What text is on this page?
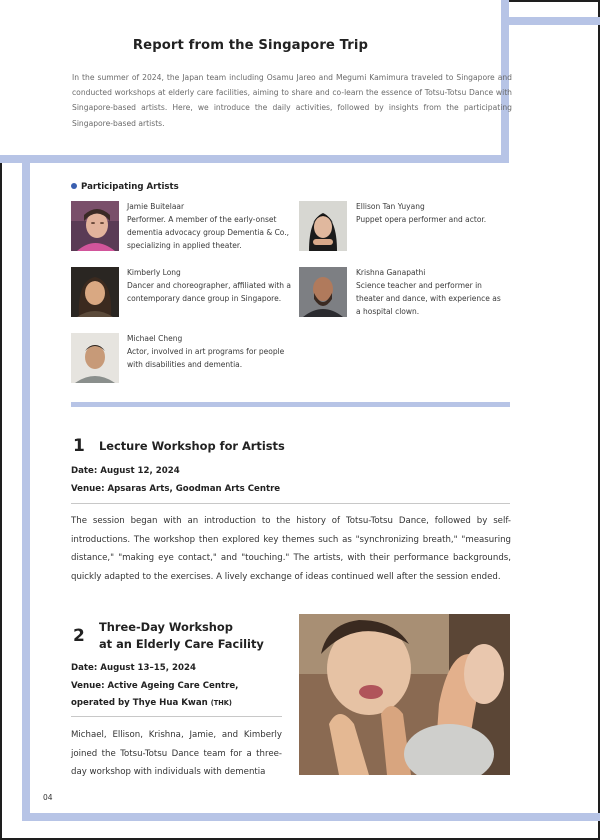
Report from the Singapore Trip
In the summer of 2024, the Japan team including Osamu Jareo and Megumi Kamimura traveled to Singapore and conducted workshops at elderly care facilities, aiming to share and co-learn the essence of Totsu-Totsu Dance with Singapore-based artists. Here, we introduce the daily activities, followed by insights from the participating Singapore-based artists.
Participating Artists
Jamie Buitelaar
Performer. A member of the early-onset dementia advocacy group Dementia & Co., specializing in applied theater.
Ellison Tan Yuyang
Puppet opera performer and actor.
Kimberly Long
Dancer and choreographer, affiliated with a contemporary dance group in Singapore.
Krishna Ganapathi
Science teacher and performer in theater and dance, with experience as a hospital clown.
Michael Cheng
Actor, involved in art programs for people with disabilities and dementia.
1 Lecture Workshop for Artists
Date: August 12, 2024
Venue: Apsaras Arts, Goodman Arts Centre
The session began with an introduction to the history of Totsu-Totsu Dance, followed by self-introductions. The workshop then explored key themes such as "synchronizing breath," "measuring distance," "making eye contact," and "touching." The artists, with their performance backgrounds, quickly adapted to the exercises. A lively exchange of ideas continued well after the session ended.
2 Three-Day Workshop
at an Elderly Care Facility
Date: August 13–15, 2024
Venue: Active Ageing Care Centre,
operated by Thye Hua Kwan (THK)
Michael, Ellison, Krishna, Jamie, and Kimberly joined the Totsu-Totsu Dance team for a three-day workshop with individuals with dementia
04
